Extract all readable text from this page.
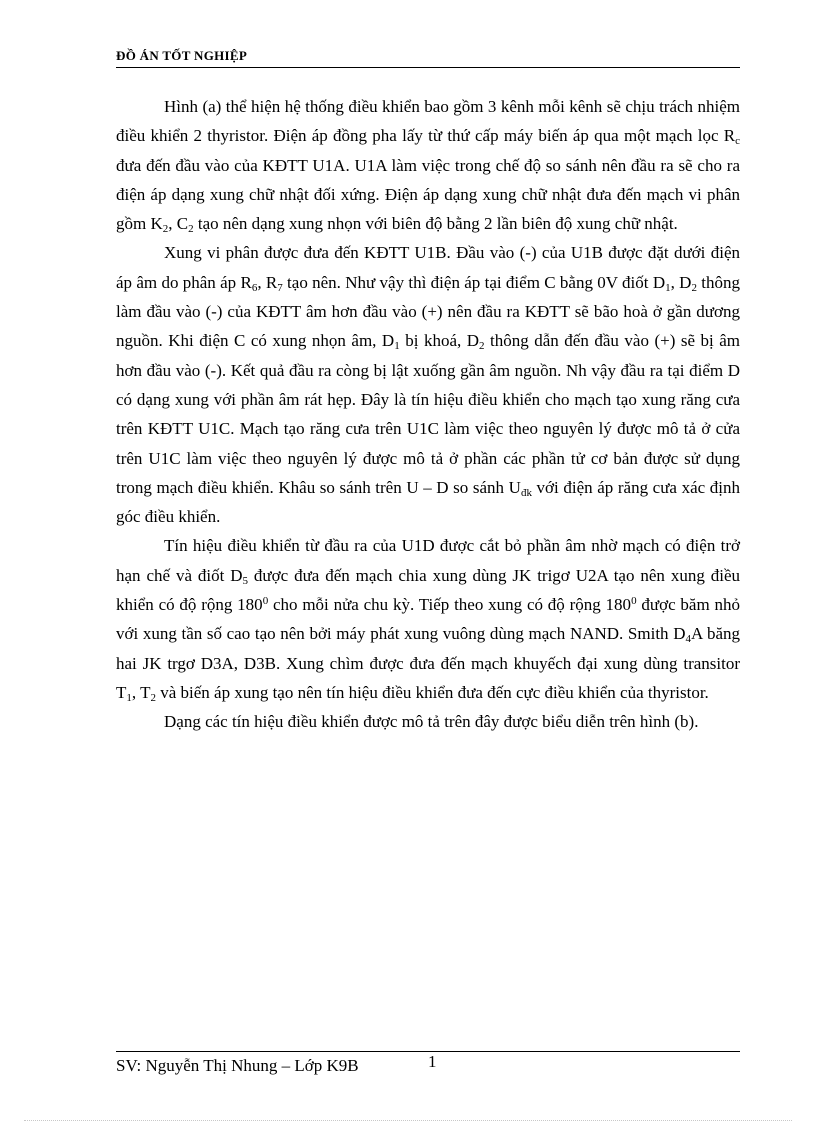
ĐỒ ÁN TỐT NGHIỆP

Hình (a) thể hiện hệ thống điều khiển bao gồm 3 kênh mỗi kênh sẽ chịu trách nhiệm điều khiển 2 thyristor. Điện áp đồng pha lấy từ thứ cấp máy biến áp qua một mạch lọc $R_c$ đưa đến đầu vào của KĐTT U1A. U1A làm việc trong chế độ so sánh nên đầu ra sẽ cho ra điện áp dạng xung chữ nhật đối xứng. Điện áp dạng xung chữ nhật đưa đến mạch vi phân gồm $K_2$, $C_2$ tạo nên dạng xung nhọn với biên độ bằng 2 lần biên độ xung chữ nhật.

Xung vi phân được đưa đến KĐTT U1B. Đầu vào (-) của U1B được đặt dưới điện áp âm do phân áp $R_6$, $R_7$ tạo nên. Như vậy thì điện áp tại điểm C bằng 0V điốt $D_1$, $D_2$ thông làm đầu vào (-) của KĐTT âm hơn đầu vào (+) nên đầu ra KĐTT sẽ bão hoà ở gần dương nguồn. Khi điện C có xung nhọn âm, $D_1$ bị khoá, $D_2$ thông dẫn đến đầu vào (+) sẽ bị âm hơn đầu vào (-). Kết quả đầu ra còng bị lật xuống gần âm nguồn. Nh vậy đầu ra tại điểm D có dạng xung với phần âm rát hẹp. Đây là tín hiệu điều khiển cho mạch tạo xung răng cưa trên KĐTT U1C. Mạch tạo răng cưa trên U1C làm việc theo nguyên lý được mô tả ở cửa trên U1C làm việc theo nguyên lý được mô tả ở phần các phần tử cơ bản được sử dụng trong mạch điều khiển. Khâu so sánh trên U – D so sánh $U_{đk}$ với điện áp răng cưa xác định góc điều khiển.

Tín hiệu điều khiển từ đầu ra của U1D được cắt bỏ phần âm nhờ mạch có điện trở hạn chế và điốt $D_5$ được đưa đến mạch chia xung dùng JK trigơ U2A tạo nên xung điều khiển có độ rộng $180^0$ cho mỗi nửa chu kỳ. Tiếp theo xung có độ rộng $180^0$ được băm nhỏ với xung tần số cao tạo nên bởi máy phát xung vuông dùng mạch NAND. Smith $D_4A$ băng hai JK trgơ D3A, D3B. Xung chìm được đưa đến mạch khuyếch đại xung dùng transitor $T_1$, $T_2$ và biến áp xung tạo nên tín hiệu điều khiển đưa đến cực điều khiển của thyristor.

Dạng các tín hiệu điều khiển được mô tả trên đây được biểu diễn trên hình (b).

SV: Nguyễn Thị Nhung – Lớp K9B	1
